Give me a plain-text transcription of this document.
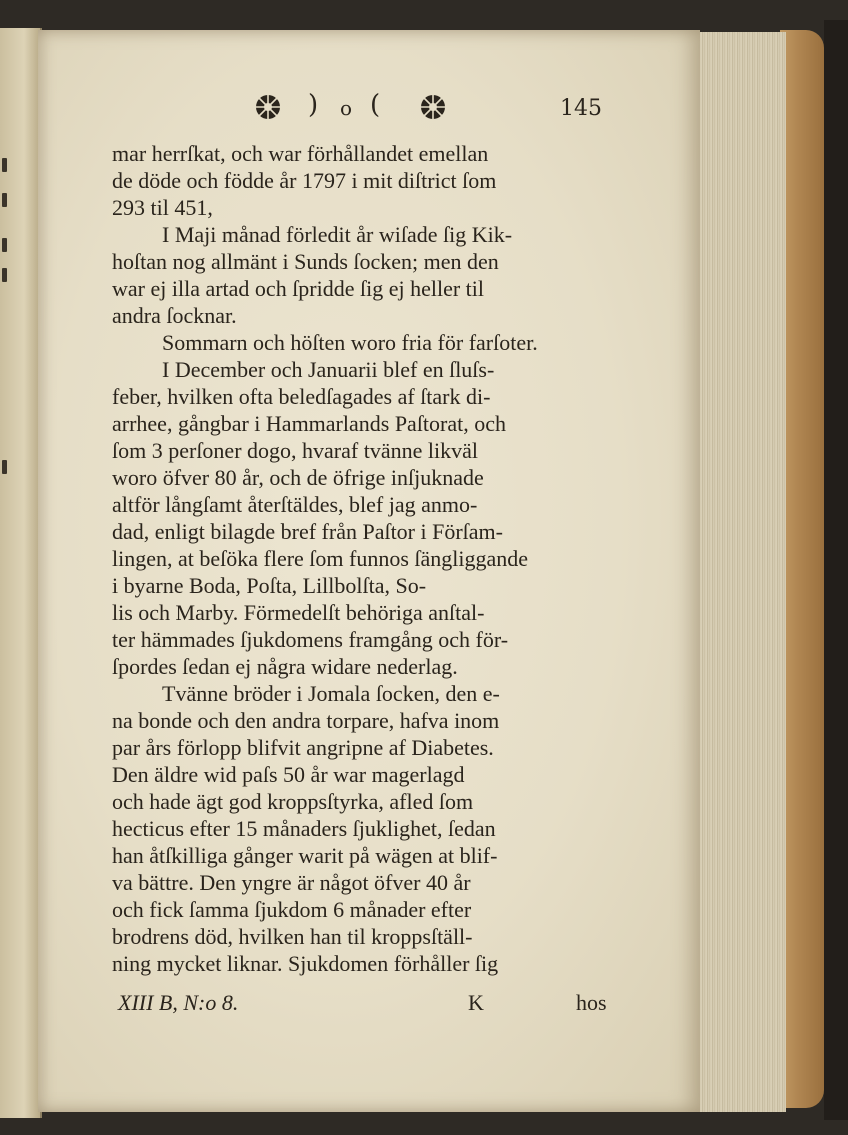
) o (	145

mar herrſkat, och war förhållandet emellan
de döde och födde år 1797 i mit diſtrict ſom
293 til 451,

I Maji månad förledit år wiſade ſig Kik-
hoſtan nog allmänt i Sunds ſocken; men den
war ej illa artad och ſpridde ſig ej heller til
andra ſocknar.

Sommarn och höſten woro fria för farſoter.

I December och Januarii blef en ſluſs-
feber, hvilken ofta beledſagades af ſtark di-
arrhee, gångbar i Hammarlands Paſtorat, och
ſom 3 perſoner dogo, hvaraf tvänne likväl
woro öfver 80 år, och de öfrige inſjuknade
altför långſamt återſtäldes, blef jag anmo-
dad, enligt bilagde bref från Paſtor i Förſam-
lingen, at beſöka flere ſom funnos ſängliggande
i byarne Boda, Poſta, Lillbolſta, So-
lis och Marby. Förmedelſt behöriga anſtal-
ter hämmades ſjukdomens framgång och för-
ſpordes ſedan ej några widare nederlag.

Tvänne bröder i Jomala ſocken, den e-
na bonde och den andra torpare, hafva inom
par års förlopp blifvit angripne af Diabetes.
Den äldre wid paſs 50 år war magerlagd
och hade ägt god kroppsſtyrka, afled ſom
hecticus efter 15 månaders ſjuklighet, ſedan
han åtſkilliga gånger warit på wägen at blif-
va bättre. Den yngre är något öfver 40 år
och fick ſamma ſjukdom 6 månader efter
brodrens död, hvilken han til kroppsſtäll-
ning mycket liknar. Sjukdomen förhåller ſig

XIII B, N:o 8.	K	hos
